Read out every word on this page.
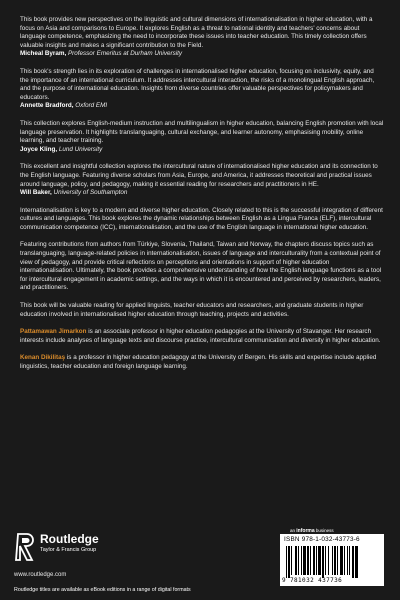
This book provides new perspectives on the linguistic and cultural dimensions of internationalisation in higher education, with a focus on Asia and comparisons to Europe. It explores English as a threat to national identity and teachers' concerns about language competence, emphasizing the need to incorporate these issues into teacher education. This timely collection offers valuable insights and makes a significant contribution to the Field.

Micheal Byram, Professor Emeritus at Durham University

This book's strength lies in its exploration of challenges in internationalised higher education, focusing on inclusivity, equity, and the importance of an international curriculum. It addresses intercultural interaction, the risks of a monolingual English approach, and the purpose of international education. Insights from diverse countries offer valuable perspectives for policymakers and educators.

Annette Bradford, Oxford EMI

This collection explores English-medium instruction and multilingualism in higher education, balancing English promotion with local language preservation. It highlights translanguaging, cultural exchange, and learner autonomy, emphasising mobility, online learning, and teacher training.

Joyce Kling, Lund University

This excellent and insightful collection explores the intercultural nature of internationalised higher education and its connection to the English language. Featuring diverse scholars from Asia, Europe, and America, it addresses theoretical and practical issues around language, policy, and pedagogy, making it essential reading for researchers and practitioners in HE.

Will Baker, University of Southampton

Internationalisation is key to a modern and diverse higher education. Closely related to this is the successful integration of different cultures and languages. This book explores the dynamic relationships between English as a Lingua Franca (ELF), intercultural communication competence (ICC), internationalisation, and the use of the English language in international higher education.

Featuring contributions from authors from Türkiye, Slovenia, Thailand, Taiwan and Norway, the chapters discuss topics such as translanguaging, language-related policies in internationalisation, issues of language and interculturality from a contextual point of view of pedagogy, and provide critical reflections on perceptions and orientations in support of higher education internationalisation. Ultimately, the book provides a comprehensive understanding of how the English language functions as a tool for intercultural engagement in academic settings, and the ways in which it is encountered and perceived by researchers, leaders, and practitioners.

This book will be valuable reading for applied linguists, teacher educators and researchers, and graduate students in higher education involved in internationalised higher education through teaching, projects and activities.

Pattamawan Jimarkon is an associate professor in higher education pedagogies at the University of Stavanger. Her research interests include analyses of language texts and discourse practice, intercultural communication and diversity in higher education.

Kenan Dikilitaş is a professor in higher education pedagogy at the University of Bergen. His skills and expertise include applied linguistics, teacher education and foreign language learning.

Routledge
Taylor & Francis Group
www.routledge.com
Routledge titles are available as eBook editions in a range of digital formats
an informa business
ISBN 978-1-032-43773-6
9 781032 437736
